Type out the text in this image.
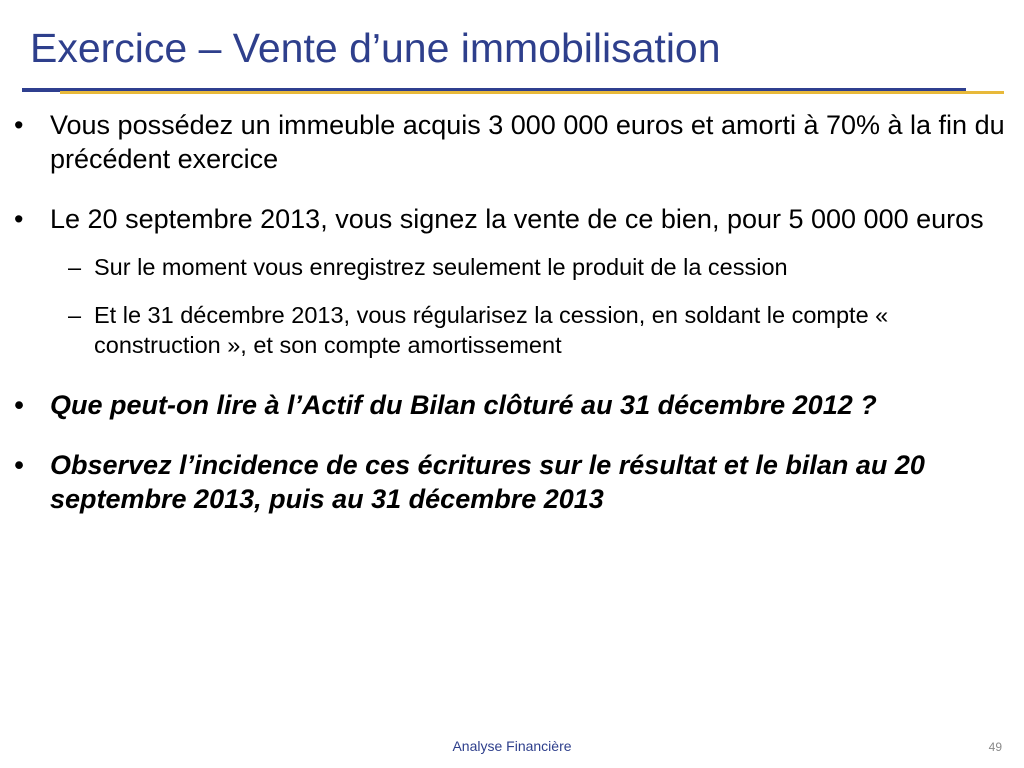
Exercice – Vente d’une immobilisation
• Vous possédez un immeuble acquis 3 000 000 euros et amorti à 70% à la fin du précédent exercice
• Le 20 septembre 2013, vous signez la vente de ce bien, pour 5 000 000 euros
– Sur le moment vous enregistrez seulement le produit de la cession
– Et le 31 décembre 2013, vous régularisez la cession, en soldant le compte « construction », et son compte amortissement
• Que peut-on lire à l’Actif du Bilan clôturé au 31 décembre 2012 ?
• Observez l’incidence de ces écritures sur le résultat et le bilan au 20 septembre 2013, puis au 31 décembre 2013
Analyse Financière	49
